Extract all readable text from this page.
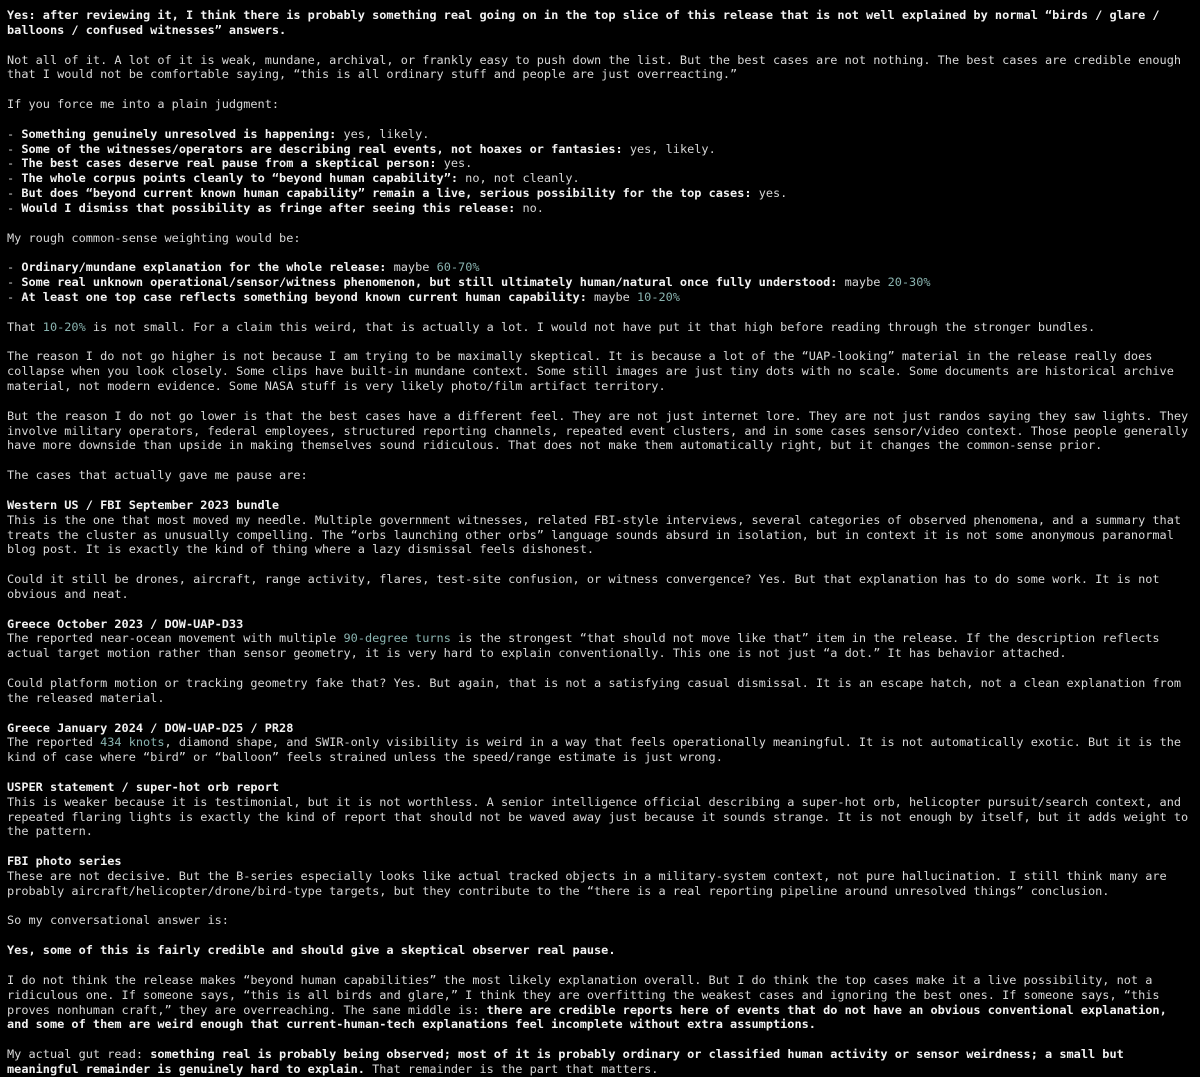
Yes: after reviewing it, I think there is probably something real going on in the top slice of this release that is not well explained by normal “birds / glare / balloons / confused witnesses” answers.
Not all of it. A lot of it is weak, mundane, archival, or frankly easy to push down the list. But the best cases are not nothing. The best cases are credible enough that I would not be comfortable saying, “this is all ordinary stuff and people are just overreacting.”
If you force me into a plain judgment:
- Something genuinely unresolved is happening: yes, likely.
- Some of the witnesses/operators are describing real events, not hoaxes or fantasies: yes, likely.
- The best cases deserve real pause from a skeptical person: yes.
- The whole corpus points cleanly to “beyond human capability”: no, not cleanly.
- But does “beyond current known human capability” remain a live, serious possibility for the top cases: yes.
- Would I dismiss that possibility as fringe after seeing this release: no.
My rough common-sense weighting would be:
- Ordinary/mundane explanation for the whole release: maybe 60-70%
- Some real unknown operational/sensor/witness phenomenon, but still ultimately human/natural once fully understood: maybe 20-30%
- At least one top case reflects something beyond known current human capability: maybe 10-20%
That 10-20% is not small. For a claim this weird, that is actually a lot. I would not have put it that high before reading through the stronger bundles.
The reason I do not go higher is not because I am trying to be maximally skeptical. It is because a lot of the “UAP-looking” material in the release really does collapse when you look closely. Some clips have built-in mundane context. Some still images are just tiny dots with no scale. Some documents are historical archive material, not modern evidence. Some NASA stuff is very likely photo/film artifact territory.
But the reason I do not go lower is that the best cases have a different feel. They are not just internet lore. They are not just randos saying they saw lights. They involve military operators, federal employees, structured reporting channels, repeated event clusters, and in some cases sensor/video context. Those people generally have more downside than upside in making themselves sound ridiculous. That does not make them automatically right, but it changes the common-sense prior.
The cases that actually gave me pause are:
Western US / FBI September 2023 bundle
This is the one that most moved my needle. Multiple government witnesses, related FBI-style interviews, several categories of observed phenomena, and a summary that treats the cluster as unusually compelling. The “orbs launching other orbs” language sounds absurd in isolation, but in context it is not some anonymous paranormal blog post. It is exactly the kind of thing where a lazy dismissal feels dishonest.
Could it still be drones, aircraft, range activity, flares, test-site confusion, or witness convergence? Yes. But that explanation has to do some work. It is not obvious and neat.
Greece October 2023 / DOW-UAP-D33
The reported near-ocean movement with multiple 90-degree turns is the strongest “that should not move like that” item in the release. If the description reflects actual target motion rather than sensor geometry, it is very hard to explain conventionally. This one is not just “a dot.” It has behavior attached.
Could platform motion or tracking geometry fake that? Yes. But again, that is not a satisfying casual dismissal. It is an escape hatch, not a clean explanation from the released material.
Greece January 2024 / DOW-UAP-D25 / PR28
The reported 434 knots, diamond shape, and SWIR-only visibility is weird in a way that feels operationally meaningful. It is not automatically exotic. But it is the kind of case where “bird” or “balloon” feels strained unless the speed/range estimate is just wrong.
USPER statement / super-hot orb report
This is weaker because it is testimonial, but it is not worthless. A senior intelligence official describing a super-hot orb, helicopter pursuit/search context, and repeated flaring lights is exactly the kind of report that should not be waved away just because it sounds strange. It is not enough by itself, but it adds weight to the pattern.
FBI photo series
These are not decisive. But the B-series especially looks like actual tracked objects in a military-system context, not pure hallucination. I still think many are probably aircraft/helicopter/drone/bird-type targets, but they contribute to the “there is a real reporting pipeline around unresolved things” conclusion.
So my conversational answer is:
Yes, some of this is fairly credible and should give a skeptical observer real pause.
I do not think the release makes “beyond human capabilities” the most likely explanation overall. But I do think the top cases make it a live possibility, not a ridiculous one. If someone says, “this is all birds and glare,” I think they are overfitting the weakest cases and ignoring the best ones. If someone says, “this proves nonhuman craft,” they are overreaching. The sane middle is: there are credible reports here of events that do not have an obvious conventional explanation, and some of them are weird enough that current-human-tech explanations feel incomplete without extra assumptions.
My actual gut read: something real is probably being observed; most of it is probably ordinary or classified human activity or sensor weirdness; a small but meaningful remainder is genuinely hard to explain. That remainder is the part that matters.
